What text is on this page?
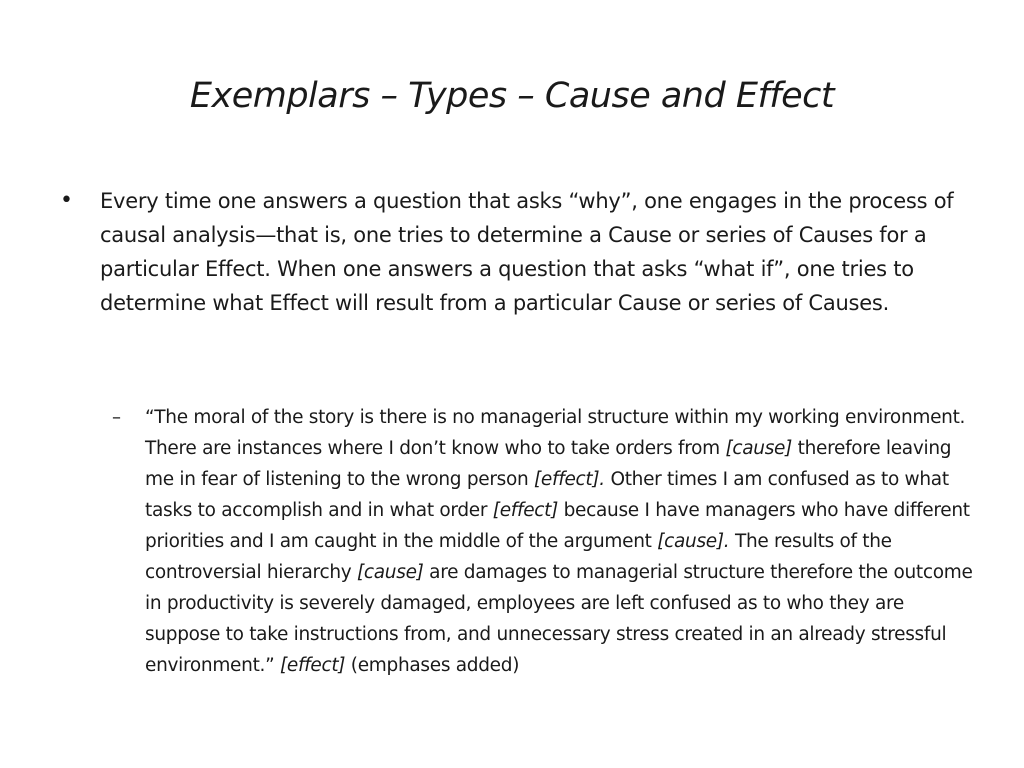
Exemplars – Types – Cause and Effect
• Every time one answers a question that asks “why”, one engages in the process of causal analysis—that is, one tries to determine a Cause or series of Causes for a particular Effect. When one answers a question that asks “what if”, one tries to determine what Effect will result from a particular Cause or series of Causes.
– “The moral of the story is there is no managerial structure within my working environment. There are instances where I don’t know who to take orders from [cause] therefore leaving me in fear of listening to the wrong person [effect]. Other times I am confused as to what tasks to accomplish and in what order [effect] because I have managers who have different priorities and I am caught in the middle of the argument [cause]. The results of the controversial hierarchy [cause] are damages to managerial structure therefore the outcome in productivity is severely damaged, employees are left confused as to who they are suppose to take instructions from, and unnecessary stress created in an already stressful environment.” [effect] (emphases added)
